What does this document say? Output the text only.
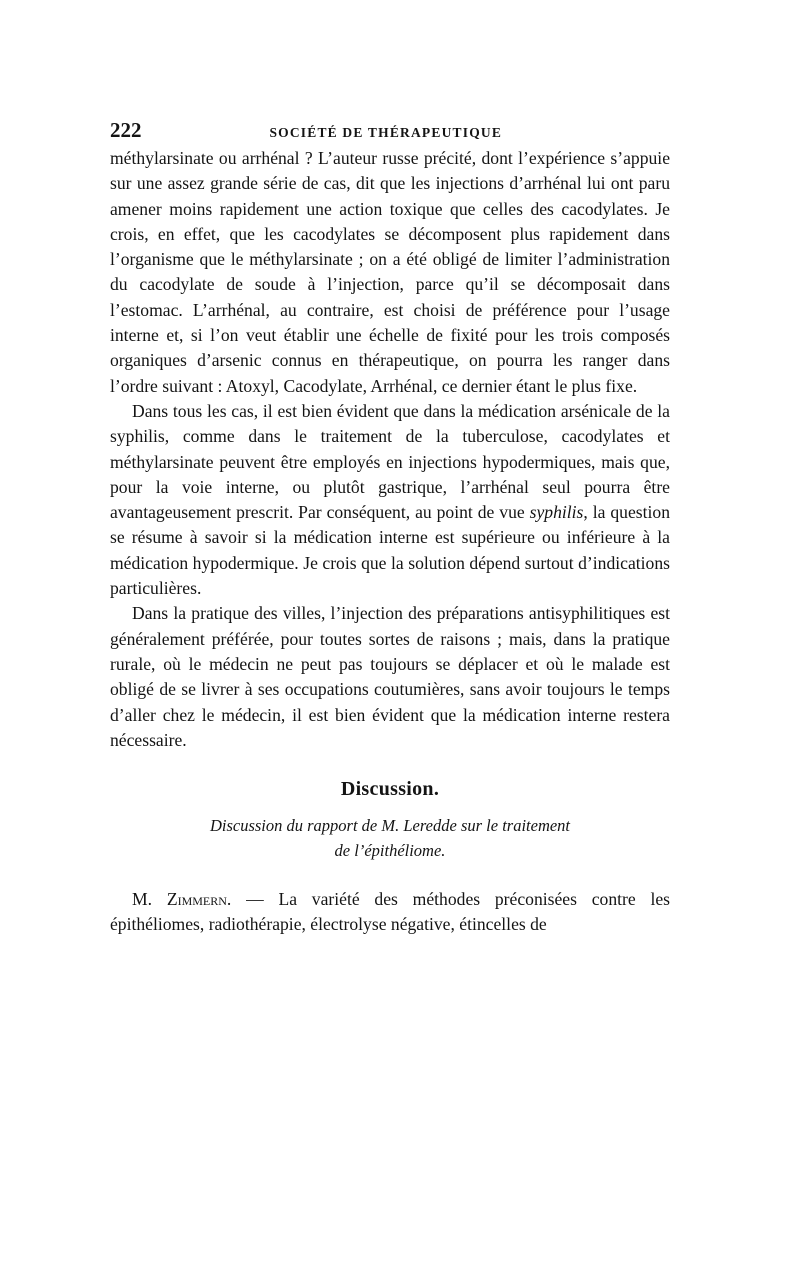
222	SOCIÉTÉ DE THÉRAPEUTIQUE

méthylarsinate ou arrhénal ? L’auteur russe précité, dont l’expérience s’appuie sur une assez grande série de cas, dit que les injections d’arrhénal lui ont paru amener moins rapidement une action toxique que celles des cacodylates. Je crois, en effet, que les cacodylates se décomposent plus rapidement dans l’organisme que le méthylarsinate ; on a été obligé de limiter l’administration du cacodylate de soude à l’injection, parce qu’il se décomposait dans l’estomac. L’arrhénal, au contraire, est choisi de préférence pour l’usage interne et, si l’on veut établir une échelle de fixité pour les trois composés organiques d’arsenic connus en thérapeutique, on pourra les ranger dans l’ordre suivant : Atoxyl, Cacodylate, Arrhénal, ce dernier étant le plus fixe.

Dans tous les cas, il est bien évident que dans la médication arsénicale de la syphilis, comme dans le traitement de la tuberculose, cacodylates et méthylarsinate peuvent être employés en injections hypodermiques, mais que, pour la voie interne, ou plutôt gastrique, l’arrhénal seul pourra être avantageusement prescrit. Par conséquent, au point de vue syphilis, la question se résume à savoir si la médication interne est supérieure ou inférieure à la médication hypodermique. Je crois que la solution dépend surtout d’indications particulières.

Dans la pratique des villes, l’injection des préparations antisyphilitiques est généralement préférée, pour toutes sortes de raisons ; mais, dans la pratique rurale, où le médecin ne peut pas toujours se déplacer et où le malade est obligé de se livrer à ses occupations coutumières, sans avoir toujours le temps d’aller chez le médecin, il est bien évident que la médication interne restera nécessaire.

Discussion.

Discussion du rapport de M. Leredde sur le traitement

de l’épithéliome.

M. Zimmern. — La variété des méthodes préconisées contre les épithéliomes, radiothérapie, électrolyse négative, étincelles de
